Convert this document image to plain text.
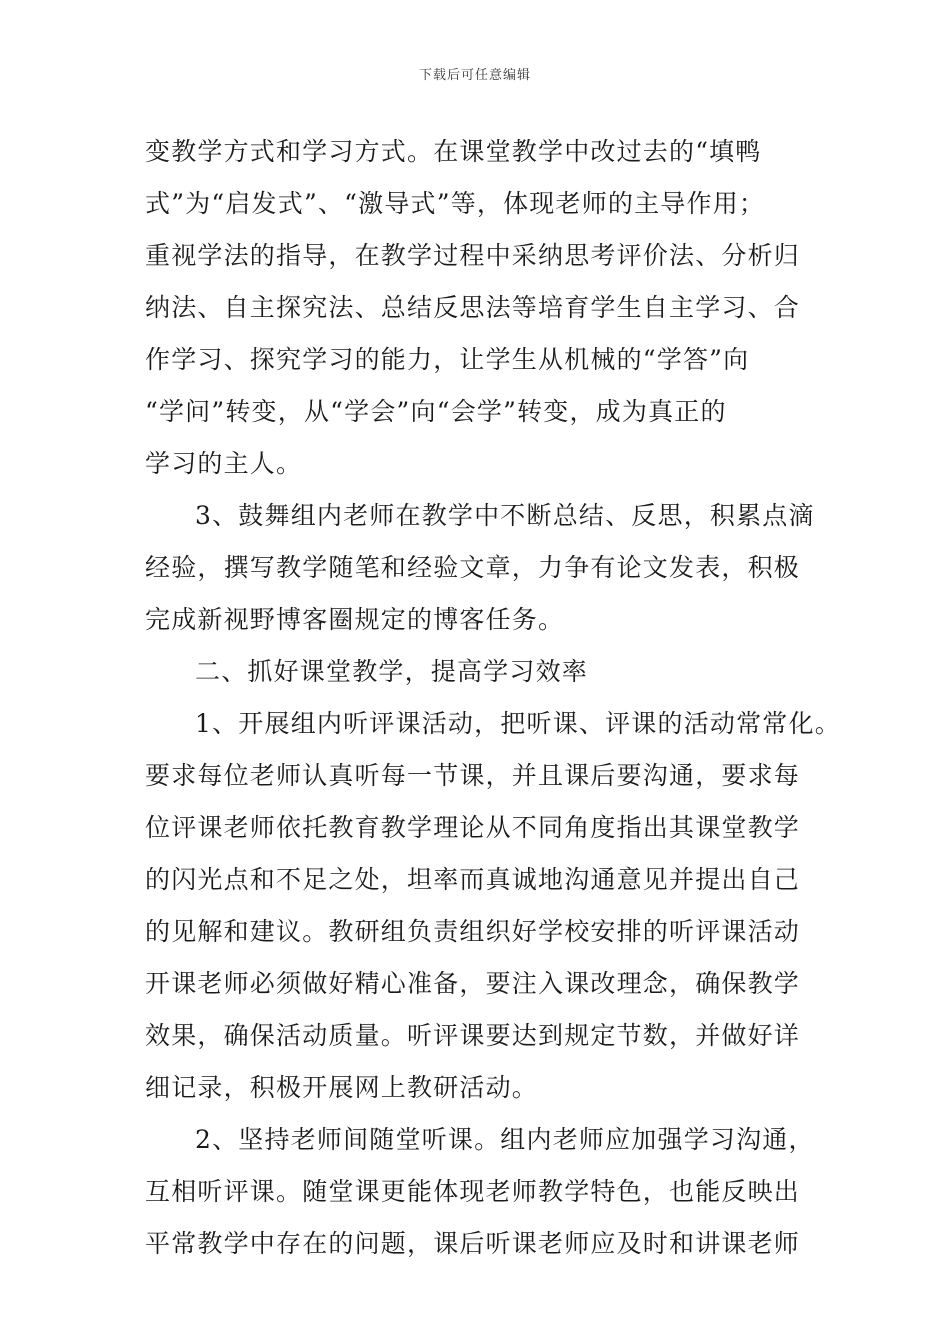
下载后可任意编辑
变教学方式和学习方式。在课堂教学中改过去的“填鸭
式”为“启发式”、“激导式”等，体现老师的主导作用；
重视学法的指导，在教学过程中采纳思考评价法、分析归
纳法、自主探究法、总结反思法等培育学生自主学习、合
作学习、探究学习的能力，让学生从机械的“学答”向
“学问”转变，从“学会”向“会学”转变，成为真正的
学习的主人。
3、鼓舞组内老师在教学中不断总结、反思，积累点滴
经验，撰写教学随笔和经验文章，力争有论文发表，积极
完成新视野博客圈规定的博客任务。
二、抓好课堂教学，提高学习效率
1、开展组内听评课活动，把听课、评课的活动常常化。
要求每位老师认真听每一节课，并且课后要沟通，要求每
位评课老师依托教育教学理论从不同角度指出其课堂教学
的闪光点和不足之处，坦率而真诚地沟通意见并提出自己
的见解和建议。教研组负责组织好学校安排的听评课活动
开课老师必须做好精心准备，要注入课改理念，确保教学
效果，确保活动质量。听评课要达到规定节数，并做好详
细记录，积极开展网上教研活动。
2、坚持老师间随堂听课。组内老师应加强学习沟通，
互相听评课。随堂课更能体现老师教学特色，也能反映出
平常教学中存在的问题，课后听课老师应及时和讲课老师
